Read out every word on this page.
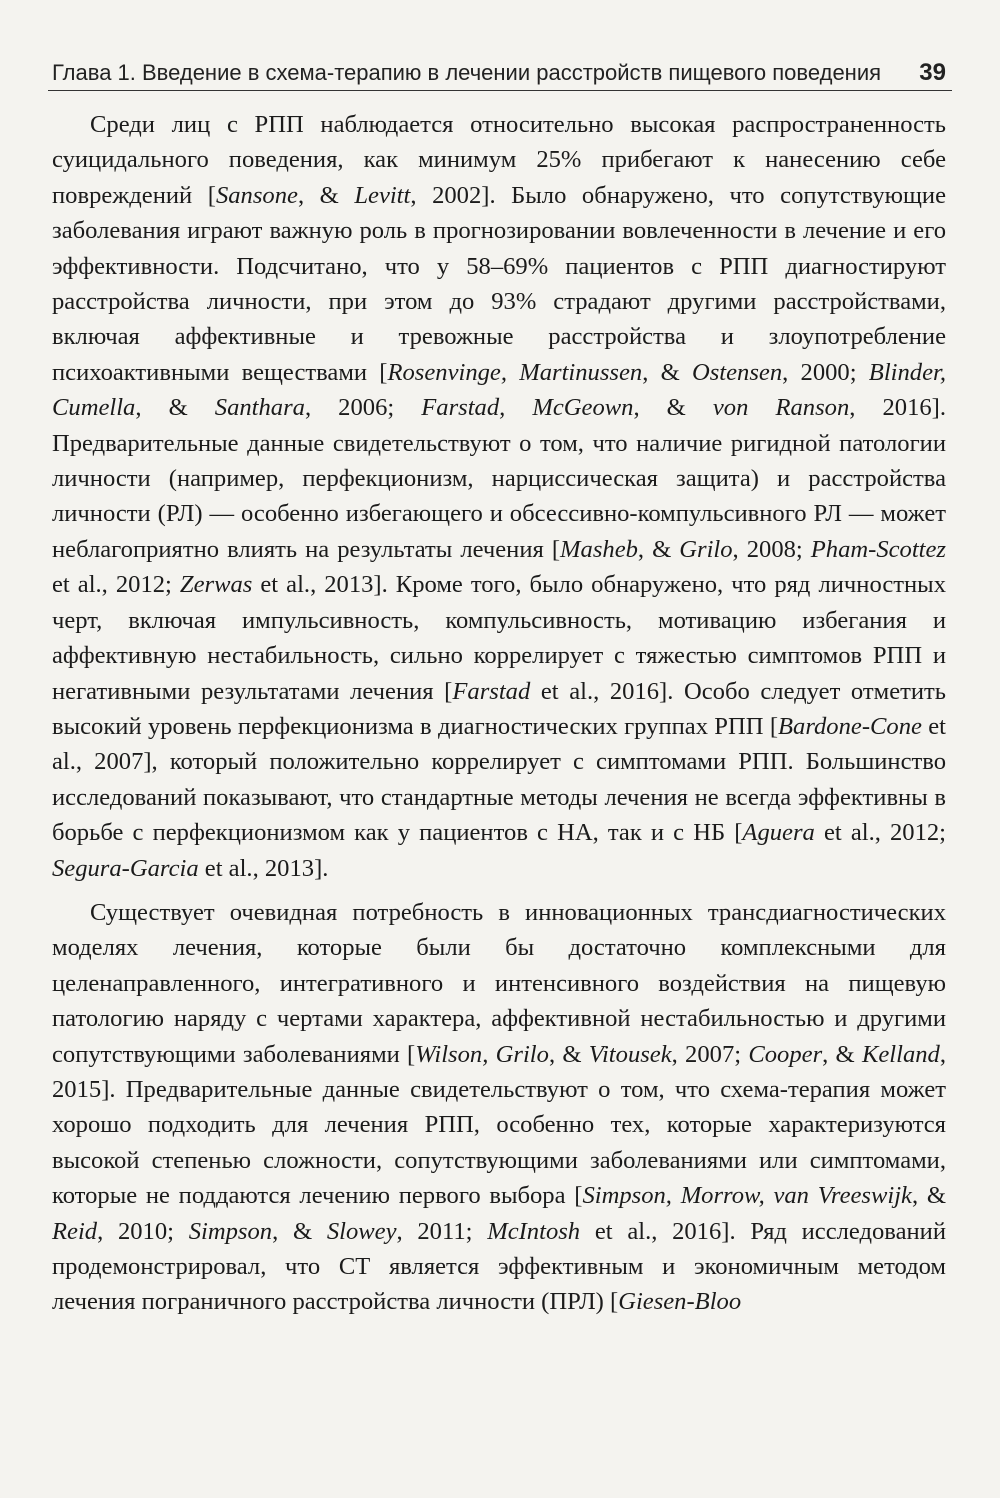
Глава 1. Введение в схема-терапию в лечении расстройств пищевого поведения 39

Среди лиц с РПП наблюдается относительно высокая распространенность суицидального поведения, как минимум 25% прибегают к нанесению себе повреждений [Sansone, & Levitt, 2002]. Было обнаружено, что сопутствующие заболевания играют важную роль в прогнозировании вовлеченности в лечение и его эффективности. Подсчитано, что у 58–69% пациентов с РПП диагностируют расстройства личности, при этом до 93% страдают другими расстройствами, включая аффективные и тревожные расстройства и злоупотребление психоактивными веществами [Rosenvinge, Martinussen, & Ostensen, 2000; Blinder, Cumella, & Santhara, 2006; Farstad, McGeown, & von Ranson, 2016]. Предварительные данные свидетельствуют о том, что наличие ригидной патологии личности (например, перфекционизм, нарциссическая защита) и расстройства личности (РЛ) — особенно избегающего и обсессивно-компульсивного РЛ — может неблагоприятно влиять на результаты лечения [Masheb, & Grilo, 2008; Pham-Scottez et al., 2012; Zerwas et al., 2013]. Кроме того, было обнаружено, что ряд личностных черт, включая импульсивность, компульсивность, мотивацию избегания и аффективную нестабильность, сильно коррелирует с тяжестью симптомов РПП и негативными результатами лечения [Farstad et al., 2016]. Особо следует отметить высокий уровень перфекционизма в диагностических группах РПП [Bardone-Cone et al., 2007], который положительно коррелирует с симптомами РПП. Большинство исследований показывают, что стандартные методы лечения не всегда эффективны в борьбе с перфекционизмом как у пациентов с НА, так и с НБ [Aguera et al., 2012; Segura-Garcia et al., 2013].

Существует очевидная потребность в инновационных трансдиагностических моделях лечения, которые были бы достаточно комплексными для целенаправленного, интегративного и интенсивного воздействия на пищевую патологию наряду с чертами характера, аффективной нестабильностью и другими сопутствующими заболеваниями [Wilson, Grilo, & Vitousek, 2007; Cooper, & Kelland, 2015]. Предварительные данные свидетельствуют о том, что схема-терапия может хорошо подходить для лечения РПП, особенно тех, которые характеризуются высокой степенью сложности, сопутствующими заболеваниями или симптомами, которые не поддаются лечению первого выбора [Simpson, Morrow, van Vreeswijk, & Reid, 2010; Simpson, & Slowey, 2011; McIntosh et al., 2016]. Ряд исследований продемонстрировал, что СТ является эффективным и экономичным методом лечения пограничного расстройства личности (ПРЛ) [Giesen-Bloo
